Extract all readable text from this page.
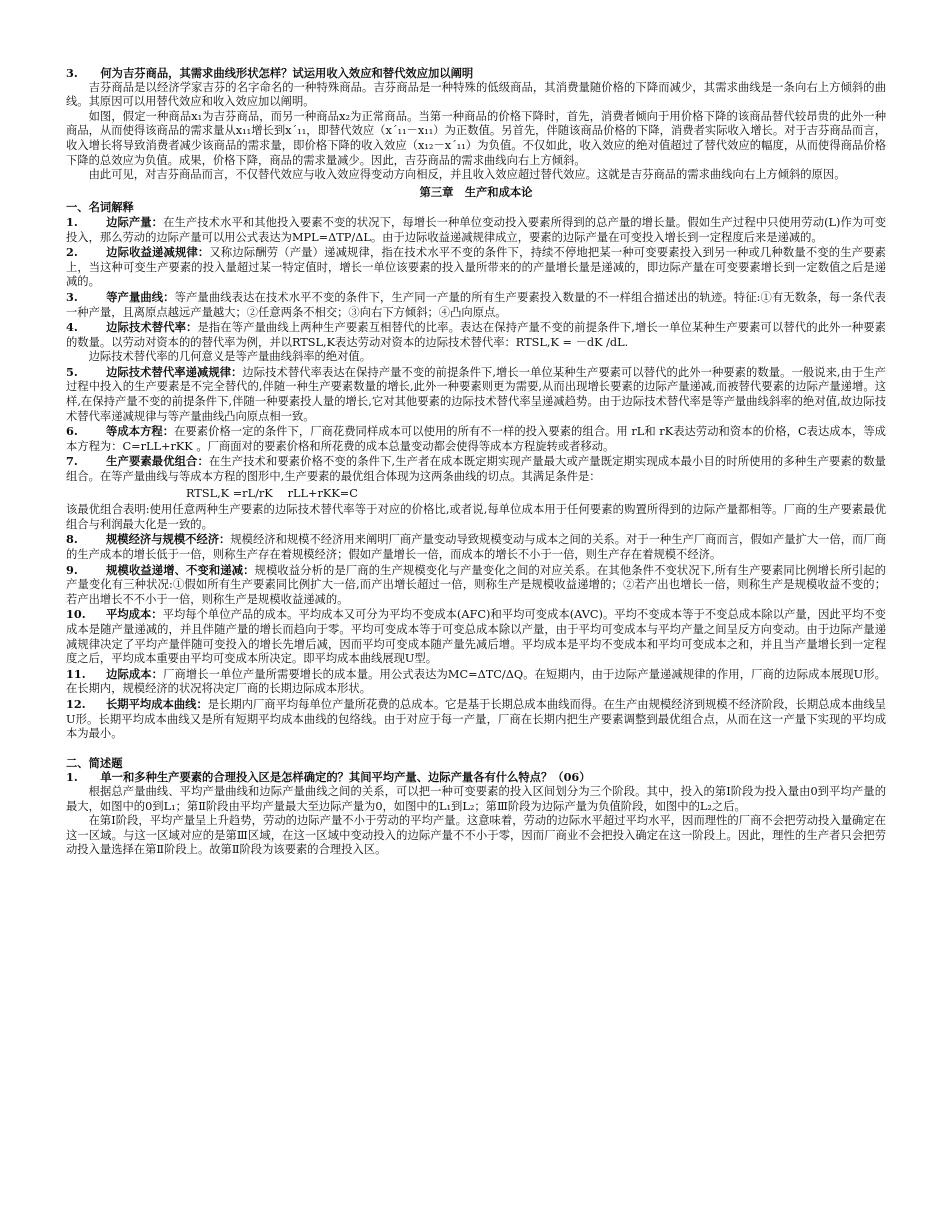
3.　　何为吉芬商品，其需求曲线形状怎样？试运用收入效应和替代效应加以阐明

吉芬商品是以经济学家吉芬的名字命名的一种特殊商品。吉芬商品是一种特殊的低级商品，其消费量随价格的下降而减少，其需求曲线是一条向右上方倾斜的曲线。其原因可以用替代效应和收入效应加以阐明。

如图，假定一种商品x₁为吉芬商品，而另一种商品x₂为正常商品。当第一种商品的价格下降时，首先，消费者倾向于用价格下降的该商品替代较昂贵的此外一种商品，从而使得该商品的需求量从x₁₁增长到x´₁₁，即替代效应（x´₁₁－x₁₁）为正数值。另首先，伴随该商品价格的下降，消费者实际收入增长。对于吉芬商品而言，收入增长将导致消费者减少该商品的需求量，即价格下降的收入效应（x₁₂－x´₁₁）为负值。不仅如此，收入效应的绝对值超过了替代效应的幅度，从而使得商品价格下降的总效应为负值。成果，价格下降，商品的需求量减少。因此，吉芬商品的需求曲线向右上方倾斜。

由此可见，对吉芬商品而言，不仅替代效应与收入效应得变动方向相反，并且收入效应超过替代效应。这就是吉芬商品的需求曲线向右上方倾斜的原因。

第三章　生产和成本论

一、名词解释

1. 边际产量：在生产技术水平和其他投入要素不变的状况下，每增长一种单位变动投入要素所得到的总产量的增长量。假如生产过程中只使用劳动(L)作为可变投入，那么劳动的边际产量可以用公式表达为MPL=ΔTP/ΔL。由于边际收益递减规律成立，要素的边际产量在可变投入增长到一定程度后来是递减的。

2. 边际收益递减规律：又称边际酬劳（产量）递减规律，指在技术水平不变的条件下，持续不停地把某一种可变要素投入到另一种或几种数量不变的生产要素上，当这种可变生产要素的投入量超过某一特定值时，增长一单位该要素的投入量所带来的的产量增长量是递减的，即边际产量在可变要素增长到一定数值之后是递减的。

3. 等产量曲线：等产量曲线表达在技术水平不变的条件下，生产同一产量的所有生产要素投入数量的不一样组合描述出的轨迹。特征:①有无数条，每一条代表一种产量，且离原点越远产量越大；②任意两条不相交；③向右下方倾斜；④凸向原点。

4. 边际技术替代率：是指在等产量曲线上两种生产要素互相替代的比率。表达在保持产量不变的前提条件下,增长一单位某种生产要素可以替代的此外一种要素的数量。以劳动对资本的的替代率为例，并以RTSL,K表达劳动对资本的边际技术替代率：RTSL,K = －dK /dL.

边际技术替代率的几何意义是等产量曲线斜率的绝对值。

5. 边际技术替代率递减规律：边际技术替代率表达在保持产量不变的前提条件下,增长一单位某种生产要素可以替代的此外一种要素的数量。一般说来,由于生产过程中投入的生产要素是不完全替代的,伴随一种生产要素数量的增长,此外一种要素则更为需要,从而出现增长要素的边际产量递减,而被替代要素的边际产量递增。这样,在保持产量不变的前提条件下,伴随一种要素投人量的增长,它对其他要素的边际技术替代率呈递减趋势。由于边际技术替代率是等产量曲线斜率的绝对值,故边际技术替代率递减规律与等产量曲线凸向原点相一致。

6. 等成本方程：在要素价格一定的条件下，厂商花费同样成本可以使用的所有不一样的投入要素的组合。用 rL和 rK表达劳动和资本的价格，C表达成本，等成本方程为：C=rLL+rKK 。厂商面对的要素价格和所花费的成本总量变动都会使得等成本方程旋转或者移动。

7. 生产要素最优组合：在生产技术和要素价格不变的条件下,生产者在成本既定期实现产量最大或产量既定期实现成本最小目的时所使用的多种生产要素的数量组合。在等产量曲线与等成本方程的图形中,生产要素的最优组合体现为这两条曲线的切点。其满足条件是：

RTSL,K =rL/rK　 rLL+rKK=C

该最优组合表明:使用任意两种生产要素的边际技术替代率等于对应的价格比,或者说,每单位成本用于任何要素的购置所得到的边际产量都相等。厂商的生产要素最优组合与利润最大化是一致的。

8. 规模经济与规模不经济：规模经济和规模不经济用来阐明厂商产量变动导致规模变动与成本之间的关系。对于一种生产厂商而言，假如产量扩大一倍，而厂商的生产成本的增长低于一倍，则称生产存在着规模经济；假如产量增长一倍，而成本的增长不小于一倍，则生产存在着规模不经济。

9. 规模收益递增、不变和递减：规模收益分析的是厂商的生产规模变化与产量变化之间的对应关系。在其他条件不变状况下,所有生产要素同比例增长所引起的产量变化有三种状况:①假如所有生产要素同比例扩大一倍,而产出增长超过一倍，则称生产是规模收益递增的；②若产出也增长一倍，则称生产是规模收益不变的；若产出增长不不小于一倍，则称生产是规模收益递减的。

10. 平均成本：平均每个单位产品的成本。平均成本又可分为平均不变成本(AFC)和平均可变成本(AVC)。平均不变成本等于不变总成本除以产量，因此平均不变成本是随产量递减的，并且伴随产量的增长而趋向于零。平均可变成本等于可变总成本除以产量，由于平均可变成本与平均产量之间呈反方向变动。由于边际产量递减规律决定了平均产量伴随可变投入的增长先增后减，因而平均可变成本随产量先减后增。平均成本是平均不变成本和平均可变成本之和，并且当产量增长到一定程度之后，平均成本重要由平均可变成本所决定。即平均成本曲线展现U型。

11. 边际成本：厂商增长一单位产量所需要增长的成本量。用公式表达为MC=ΔTC/ΔQ。在短期内，由于边际产量递减规律的作用，厂商的边际成本展现U形。在长期内，规模经济的状况将决定厂商的长期边际成本形状。

12. 长期平均成本曲线：是长期内厂商平均每单位产量所花费的总成本。它是基于长期总成本曲线而得。在生产由规模经济到规模不经济阶段，长期总成本曲线呈U形。长期平均成本曲线又是所有短期平均成本曲线的包络线。由于对应于每一产量，厂商在长期内把生产要素调整到最优组合点，从而在这一产量下实现的平均成本为最小。

二、简述题

1.　　单一和多种生产要素的合理投入区是怎样确定的？其间平均产量、边际产量各有什么特点？（06）

根据总产量曲线、平均产量曲线和边际产量曲线之间的关系，可以把一种可变要素的投入区间划分为三个阶段。其中，投入的第Ⅰ阶段为投入量由0到平均产量的最大，如图中的0到L₁；第Ⅱ阶段由平均产量最大至边际产量为0，如图中的L₁到L₂；第Ⅲ阶段为边际产量为负值阶段，如图中的L₂之后。

在第Ⅰ阶段，平均产量呈上升趋势，劳动的边际产量不小于劳动的平均产量。这意味着，劳动的边际水平超过平均水平，因而理性的厂商不会把劳动投入量确定在这一区域。与这一区域对应的是第Ⅲ区域，在这一区域中变动投入的边际产量不不小于零，因而厂商业不会把投入确定在这一阶段上。因此，理性的生产者只会把劳动投入量选择在第Ⅱ阶段上。故第Ⅱ阶段为该要素的合理投入区。
